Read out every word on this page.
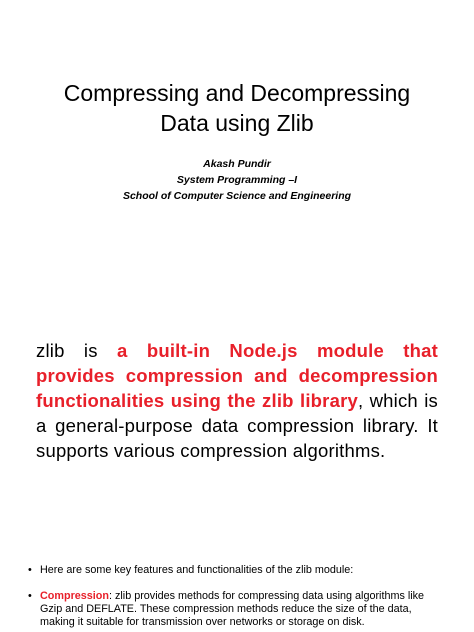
Compressing and Decompressing
Data using Zlib
Akash Pundir
System Programming –I
School of Computer Science and Engineering

zlib is a built-in Node.js module that provides compression and decompression functionalities using the zlib library, which is a general-purpose data compression library. It supports various compression algorithms.

• Here are some key features and functionalities of the zlib module:
• Compression: zlib provides methods for compressing data using algorithms like Gzip and DEFLATE. These compression methods reduce the size of the data, making it suitable for transmission over networks or storage on disk.
